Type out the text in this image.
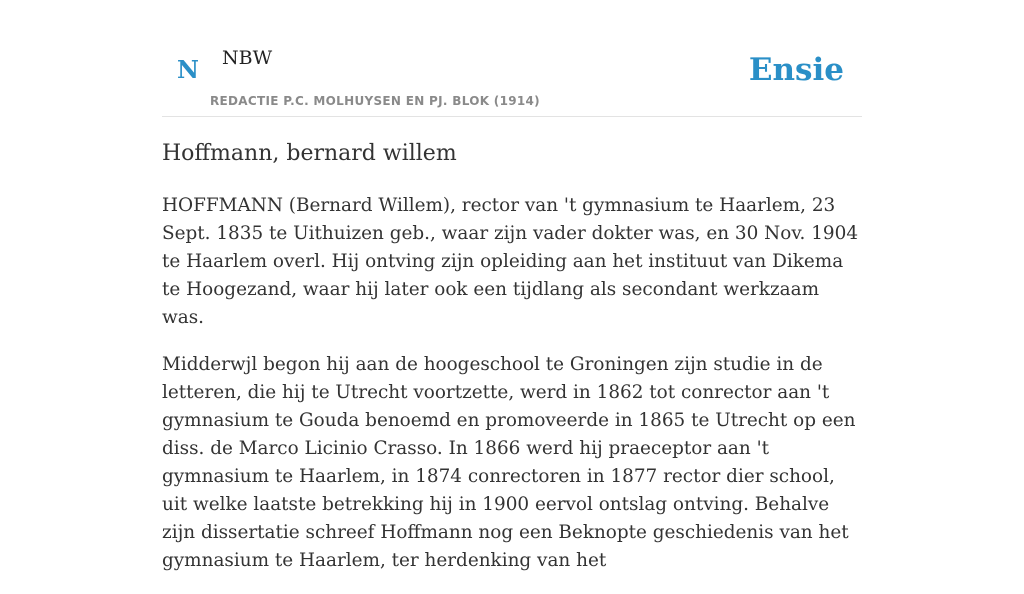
N NBW
REDACTIE P.C. MOLHUYSEN EN PJ. BLOK (1914)
Ensie
Hoffmann, bernard willem

HOFFMANN (Bernard Willem), rector van 't gymnasium te Haarlem, 23 Sept. 1835 te Uithuizen geb., waar zijn vader dokter was, en 30 Nov. 1904 te Haarlem overl. Hij ontving zijn opleiding aan het instituut van Dikema te Hoogezand, waar hij later ook een tijdlang als secondant werkzaam was.

Midderwjl begon hij aan de hoogeschool te Groningen zijn studie in de letteren, die hij te Utrecht voortzette, werd in 1862 tot conrector aan 't gymnasium te Gouda benoemd en promoveerde in 1865 te Utrecht op een diss. de Marco Licinio Crasso. In 1866 werd hij praeceptor aan 't gymnasium te Haarlem, in 1874 conrectoren in 1877 rector dier school, uit welke laatste betrekking hij in 1900 eervol ontslag ontving. Behalve zijn dissertatie schreef Hoffmann nog een Beknopte geschiedenis van het gymnasium te Haarlem, ter herdenking van het
